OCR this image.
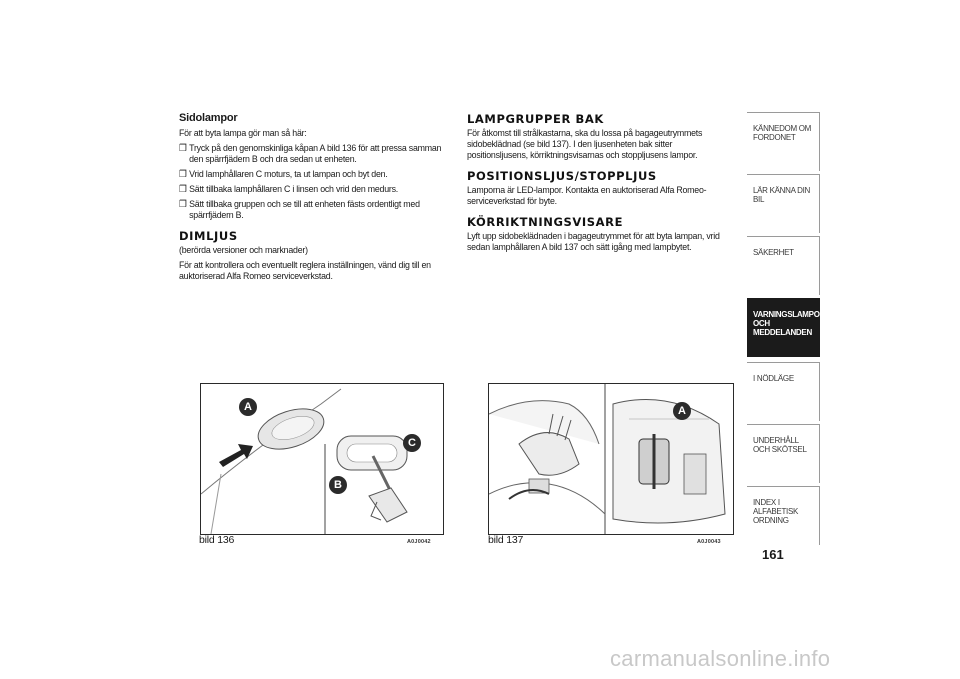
Sidolampor
För att byta lampa gör man så här:
❒ Tryck på den genomskinliga kåpan A bild 136 för att pressa samman den spärrfjädern B och dra sedan ut enheten.
❒ Vrid lamphållaren C moturs, ta ut lampan och byt den.
❒ Sätt tillbaka lamphållaren C i linsen och vrid den medurs.
❒ Sätt tillbaka gruppen och se till att enheten fästs ordentligt med spärrfjädern B.
DIMLJUS
(berörda versioner och marknader)
För att kontrollera och eventuellt reglera inställningen, vänd dig till en auktoriserad Alfa Romeo serviceverkstad.
LAMPGRUPPER BAK
För åtkomst till strålkastarna, ska du lossa på bagageutrymmets sidobeklädnad (se bild 137). I den ljusenheten bak sitter positionsljusens, körriktningsvisarnas och stoppljusens lampor.
POSITIONSLJUS/STOPPLJUS
Lamporna är LED-lampor. Kontakta en auktoriserad Alfa Romeo-serviceverkstad för byte.
KÖRRIKTNINGSVISARE
Lyft upp sidobeklädnaden i bagageutrymmet för att byta lampan, vrid sedan lamphållaren A bild 137 och sätt igång med lampbytet.
A
C
B
bild 136	A0J0042
A
bild 137	A0J0043
KÄNNEDOM OM FORDONET
LÄR KÄNNA DIN BIL
SÄKERHET
VARNINGSLAMPOR OCH MEDDELANDEN
I NÖDLÄGE
UNDERHÅLL OCH SKÖTSEL
INDEX I ALFABETISK ORDNING
161
carmanualsonline.info
